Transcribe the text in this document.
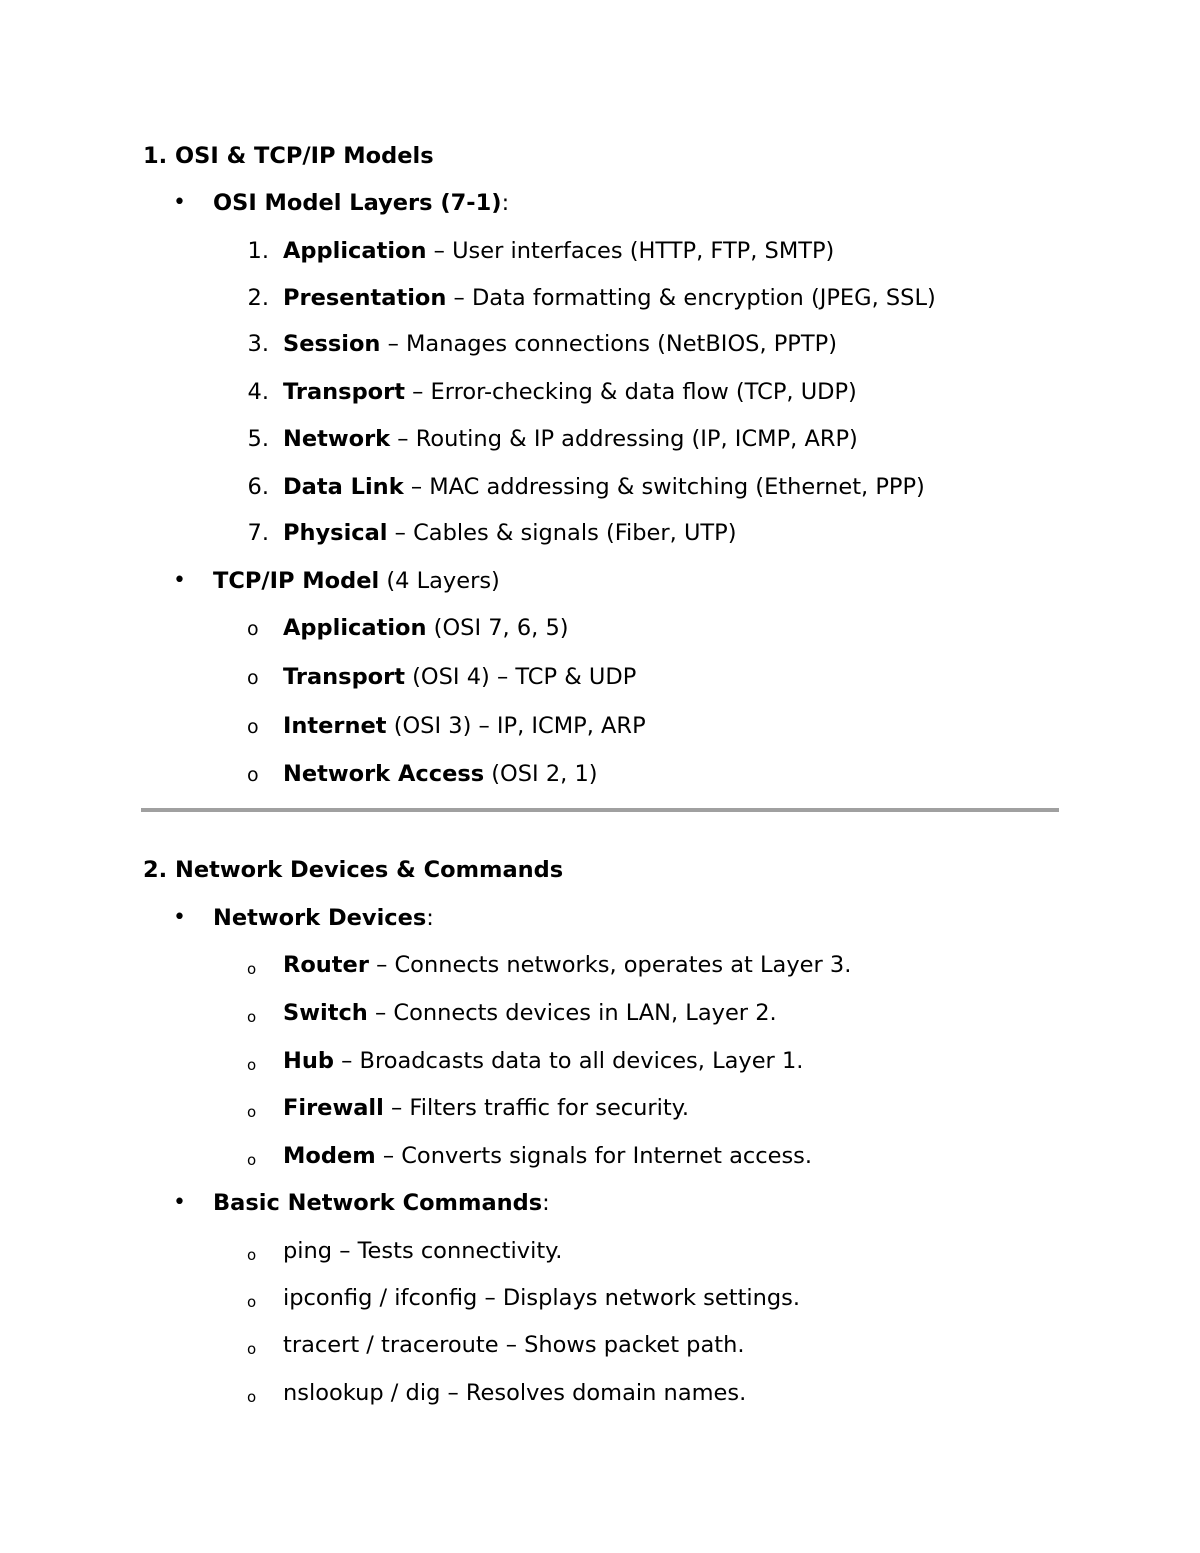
1. OSI & TCP/IP Models
• OSI Model Layers (7-1):
1. Application – User interfaces (HTTP, FTP, SMTP)
2. Presentation – Data formatting & encryption (JPEG, SSL)
3. Session – Manages connections (NetBIOS, PPTP)
4. Transport – Error-checking & data flow (TCP, UDP)
5. Network – Routing & IP addressing (IP, ICMP, ARP)
6. Data Link – MAC addressing & switching (Ethernet, PPP)
7. Physical – Cables & signals (Fiber, UTP)
• TCP/IP Model (4 Layers)
o	Application (OSI 7, 6, 5)
o	Transport (OSI 4) – TCP & UDP
o	Internet (OSI 3) – IP, ICMP, ARP
o	Network Access (OSI 2, 1)
2. Network Devices & Commands
• Network Devices:
o	Router – Connects networks, operates at Layer 3.
o	Switch – Connects devices in LAN, Layer 2.
o	Hub – Broadcasts data to all devices, Layer 1.
o	Firewall – Filters traffic for security.
o	Modem – Converts signals for Internet access.
• Basic Network Commands:
o	ping – Tests connectivity.
o	ipconfig / ifconfig – Displays network settings.
o	tracert / traceroute – Shows packet path.
o	nslookup / dig – Resolves domain names.
